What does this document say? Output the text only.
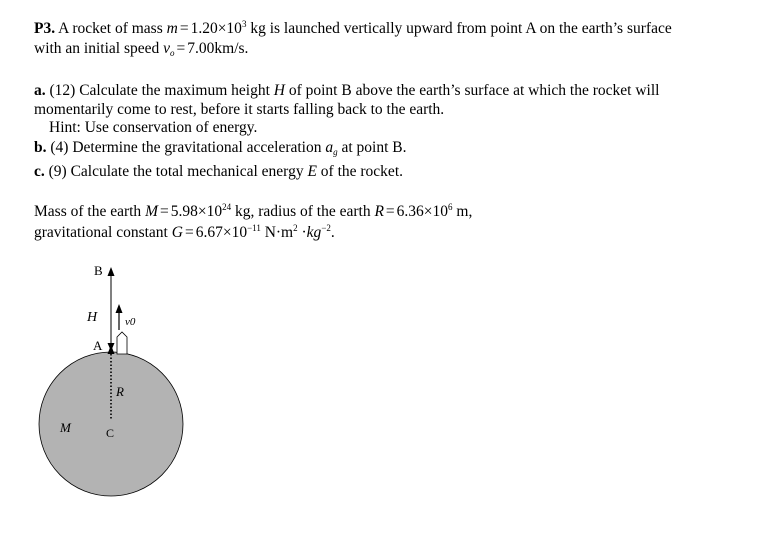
P3. A rocket of mass $m = 1.20\times 10^3$ kg is launched vertically upward from point A on the earth’s surface
with an initial speed $v_o = 7.00km/s$.
a. (12) Calculate the maximum height H of point B above the earth’s surface at which the rocket will
momentarily come to rest, before it starts falling back to the earth.
Hint: Use conservation of energy.
b. (4) Determine the gravitational acceleration $a_g$ at point B.
c. (9) Calculate the total mechanical energy E of the rocket.
Mass of the earth $M = 5.98\times 10^{24}$ kg, radius of the earth $R = 6.36\times 10^6$ m,
gravitational constant $G = 6.67\times 10^{-11}$ $N\cdot m^2 \cdot kg^{-2}$.
B
H	v0
A
R
M	C
